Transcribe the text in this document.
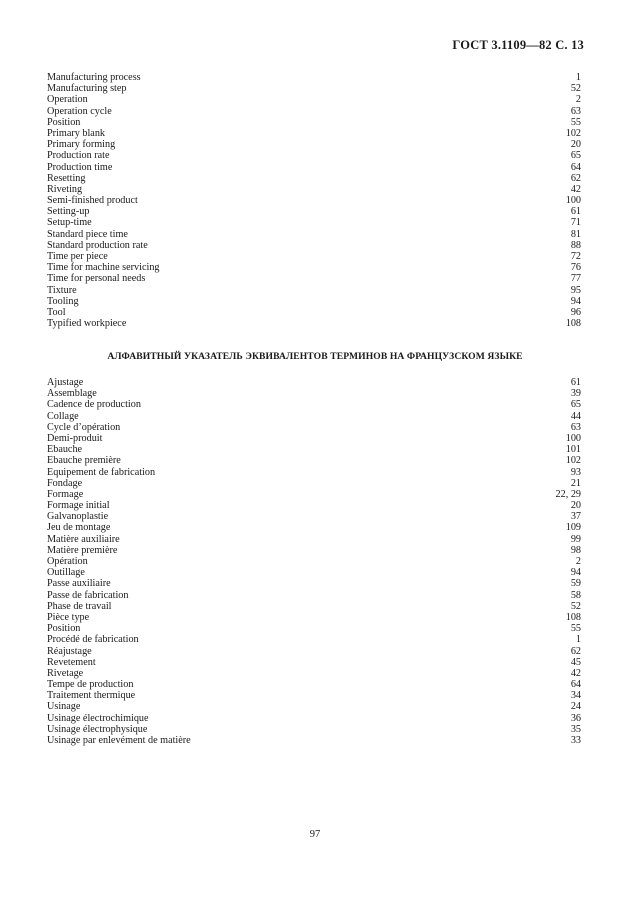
ГОСТ 3.1109—82 С. 13
Manufacturing process	1
Manufacturing step	52
Operation	2
Operation cycle	63
Position	55
Primary blank	102
Primary forming	20
Production rate	65
Production time	64
Resetting	62
Riveting	42
Semi-finished product	100
Setting-up	61
Setup-time	71
Standard piece time	81
Standard production rate	88
Time per piece	72
Time for machine servicing	76
Time for personal needs	77
Tixture	95
Tooling	94
Tool	96
Typified workpiece	108
АЛФАВИТНЫЙ УКАЗАТЕЛЬ ЭКВИВАЛЕНТОВ ТЕРМИНОВ НА ФРАНЦУЗСКОМ ЯЗЫКЕ
Ajustage	61
Assemblage	39
Cadence de production	65
Collage	44
Cycle d’opération	63
Demi-produit	100
Ebauche	101
Ebauche première	102
Equipement de fabrication	93
Fondage	21
Formage	22, 29
Formage initial	20
Galvanoplastie	37
Jeu de montage	109
Matière auxiliaire	99
Matière première	98
Opération	2
Outillage	94
Passe auxiliaire	59
Passe de fabrication	58
Phase de travail	52
Pièce type	108
Position	55
Procédé de fabrication	1
Réajustage	62
Revetement	45
Rivetage	42
Tempe de production	64
Traitement thermique	34
Usinage	24
Usinage électrochimique	36
Usinage électrophysique	35
Usinage par enlevément de matière	33
97
